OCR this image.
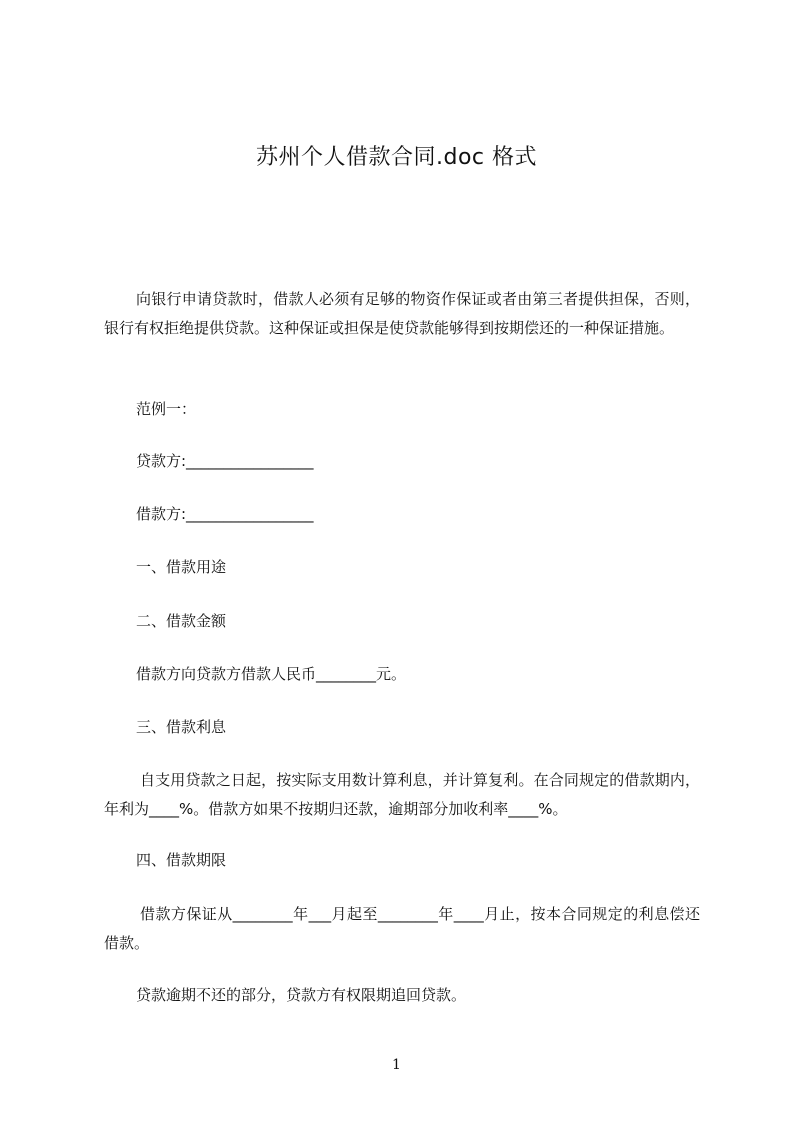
苏州个人借款合同.doc 格式

向银行申请贷款时，借款人必须有足够的物资作保证或者由第三者提供担保，否则，银行有权拒绝提供贷款。这种保证或担保是使贷款能够得到按期偿还的一种保证措施。

范例一：
贷款方:_________________
借款方:_________________
一、借款用途
二、借款金额
借款方向贷款方借款人民币________元。
三、借款利息
自支用贷款之日起，按实际支用数计算利息，并计算复利。在合同规定的借款期内，年利为____%。借款方如果不按期归还款，逾期部分加收利率____%。
四、借款期限
借款方保证从________年___月起至________年____月止，按本合同规定的利息偿还借款。
贷款逾期不还的部分，贷款方有权限期追回贷款。
1
